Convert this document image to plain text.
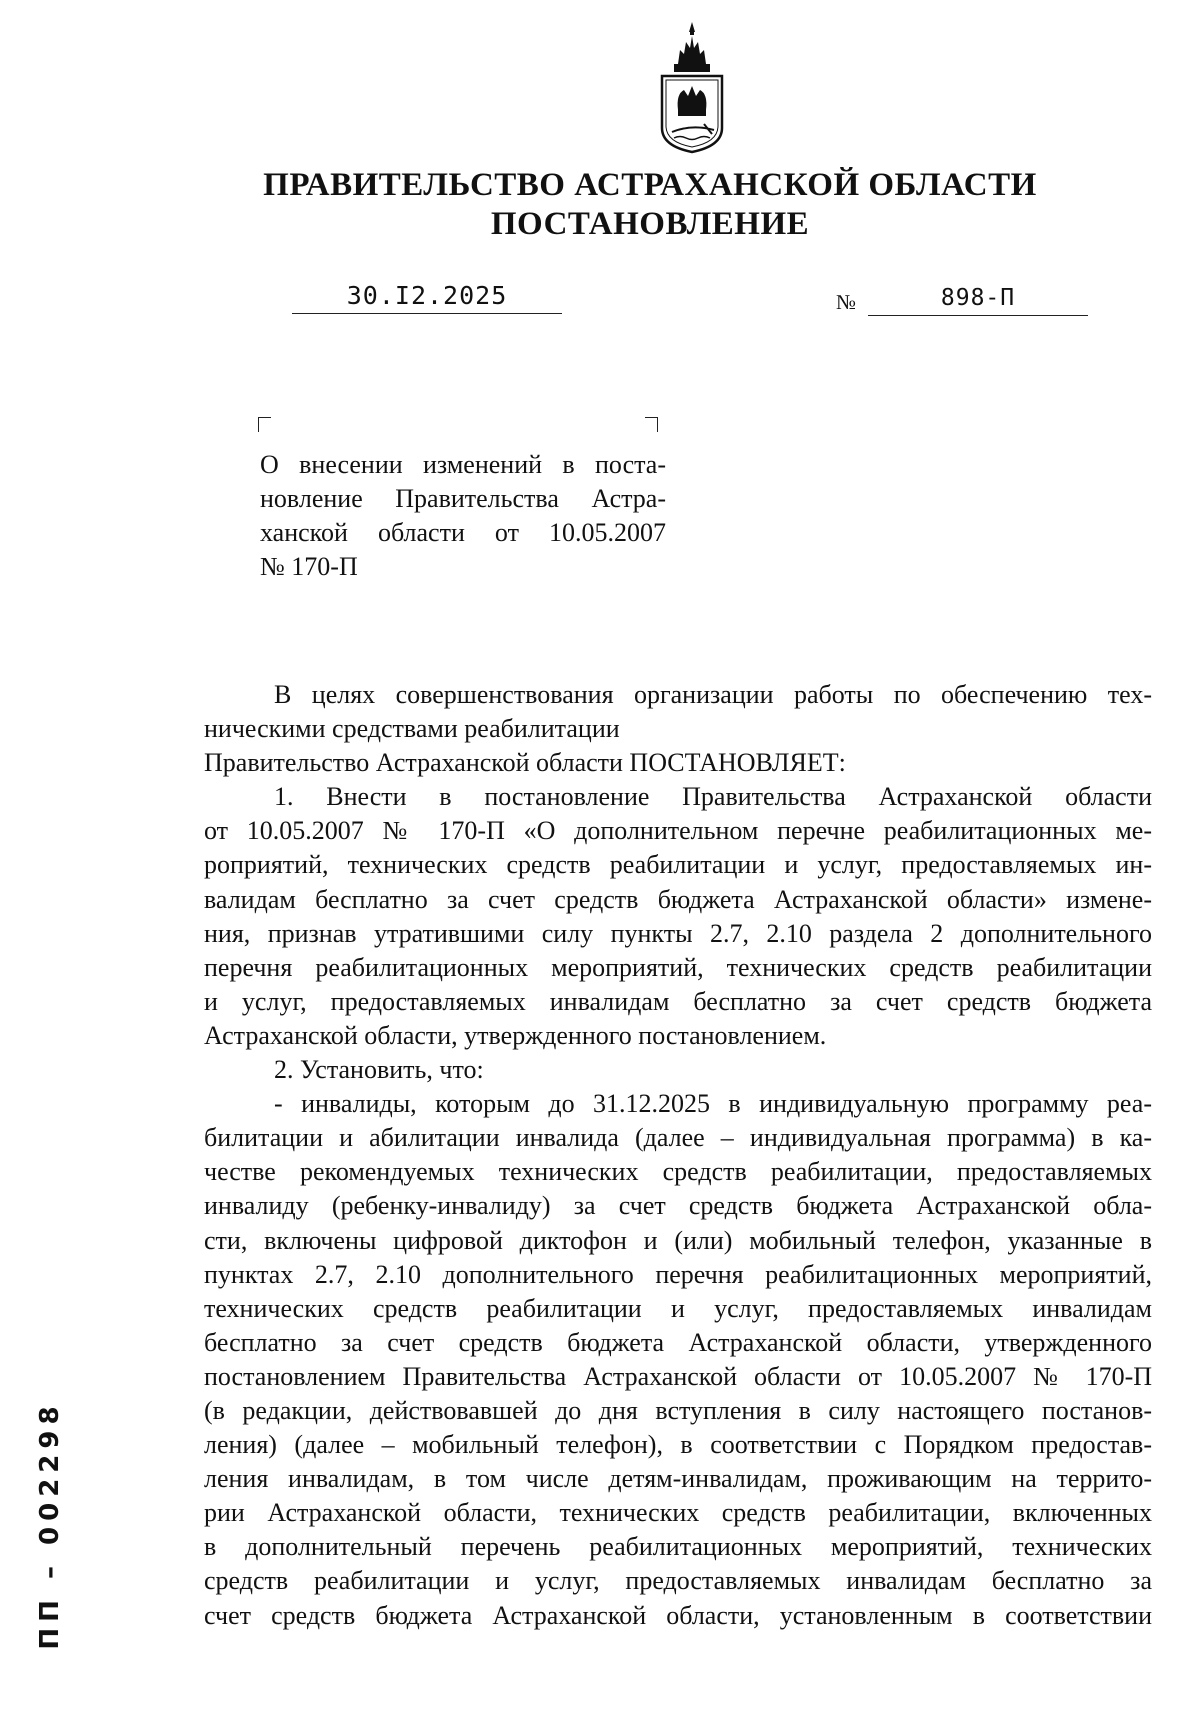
ПРАВИТЕЛЬСТВО АСТРАХАНСКОЙ ОБЛАСТИ
ПОСТАНОВЛЕНИЕ
30.I2.2025	№	898-П
О внесении изменений в поста-
новление Правительства Астра-
ханской области от 10.05.2007
№ 170-П
В целях совершенствования организации работы по обеспечению тех-
ническими средствами реабилитации
Правительство Астраханской области ПОСТАНОВЛЯЕТ:
1. Внести в постановление Правительства Астраханской области
от 10.05.2007 № 170-П «О дополнительном перечне реабилитационных ме-
роприятий, технических средств реабилитации и услуг, предоставляемых ин-
валидам бесплатно за счет средств бюджета Астраханской области» измене-
ния, признав утратившими силу пункты 2.7, 2.10 раздела 2 дополнительного
перечня реабилитационных мероприятий, технических средств реабилитации
и услуг, предоставляемых инвалидам бесплатно за счет средств бюджета
Астраханской области, утвержденного постановлением.
2. Установить, что:
- инвалиды, которым до 31.12.2025 в индивидуальную программу реа-
билитации и абилитации инвалида (далее – индивидуальная программа) в ка-
честве рекомендуемых технических средств реабилитации, предоставляемых
инвалиду (ребенку-инвалиду) за счет средств бюджета Астраханской обла-
сти, включены цифровой диктофон и (или) мобильный телефон, указанные в
пунктах 2.7, 2.10 дополнительного перечня реабилитационных мероприятий,
технических средств реабилитации и услуг, предоставляемых инвалидам
бесплатно за счет средств бюджета Астраханской области, утвержденного
постановлением Правительства Астраханской области от 10.05.2007 № 170-П
(в редакции, действовавшей до дня вступления в силу настоящего постанов-
ления) (далее – мобильный телефон), в соответствии с Порядком предостав-
ления инвалидам, в том числе детям-инвалидам, проживающим на террито-
рии Астраханской области, технических средств реабилитации, включенных
в дополнительный перечень реабилитационных мероприятий, технических
средств реабилитации и услуг, предоставляемых инвалидам бесплатно за
счет средств бюджета Астраханской области, установленным в соответствии
ПП – 002298
